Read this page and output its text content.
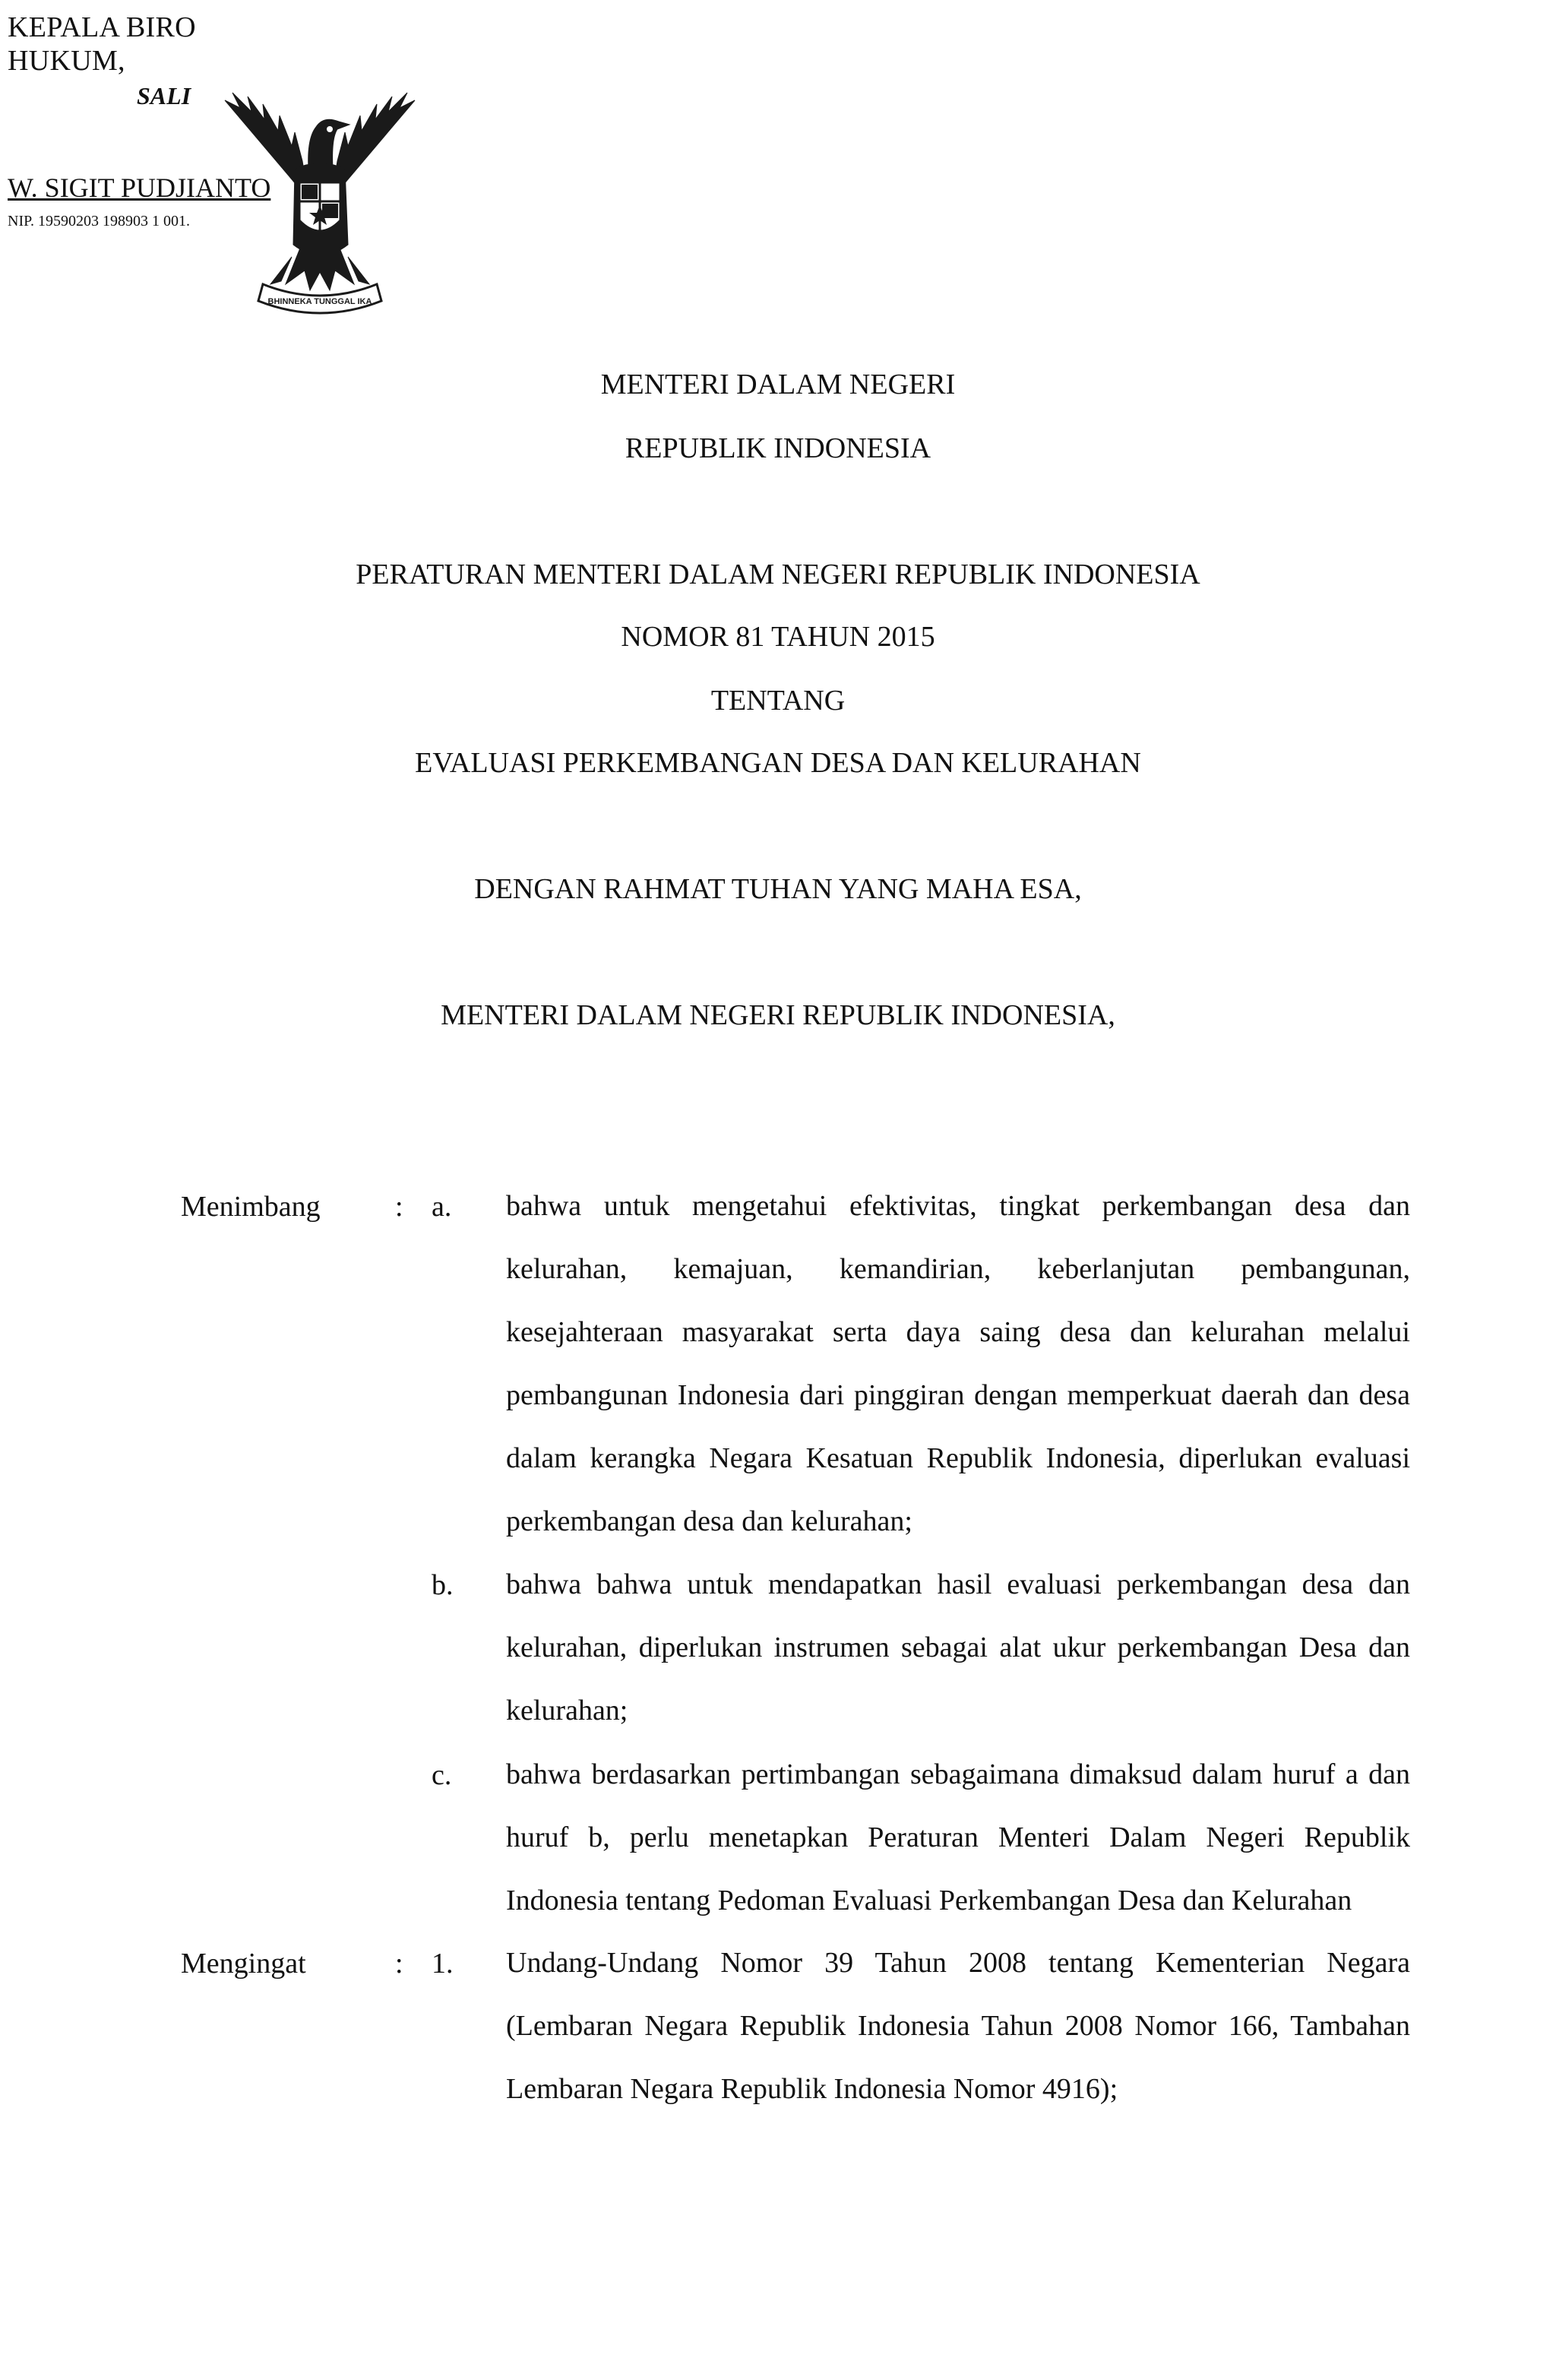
KEPALA BIRO HUKUM,
SALI
W. SIGIT PUDJIANTO
NIP. 19590203 198903 1 001.
BHINNEKA TUNGGAL IKA
MENTERI DALAM NEGERI
REPUBLIK INDONESIA
PERATURAN MENTERI DALAM NEGERI REPUBLIK INDONESIA
NOMOR 81 TAHUN 2015
TENTANG
EVALUASI PERKEMBANGAN DESA DAN KELURAHAN
DENGAN RAHMAT TUHAN YANG MAHA ESA,
MENTERI DALAM NEGERI REPUBLIK INDONESIA,
Menimbang	: a.	bahwa untuk mengetahui efektivitas, tingkat perkembangan desa dan kelurahan, kemajuan, kemandirian, keberlanjutan pembangunan, kesejahteraan masyarakat serta daya saing desa dan kelurahan melalui pembangunan Indonesia dari pinggiran dengan memperkuat daerah dan desa dalam kerangka Negara Kesatuan Republik Indonesia, diperlukan evaluasi perkembangan desa dan kelurahan;
b.	bahwa bahwa untuk mendapatkan hasil evaluasi perkembangan desa dan kelurahan, diperlukan instrumen sebagai alat ukur perkembangan Desa dan kelurahan;
c.	bahwa berdasarkan pertimbangan sebagaimana dimaksud dalam huruf a dan huruf b, perlu menetapkan Peraturan Menteri Dalam Negeri Republik Indonesia tentang Pedoman Evaluasi Perkembangan Desa dan Kelurahan
Mengingat	: 1.	Undang-Undang Nomor 39 Tahun 2008 tentang Kementerian Negara (Lembaran Negara Republik Indonesia Tahun 2008 Nomor 166, Tambahan Lembaran Negara Republik Indonesia Nomor 4916);
